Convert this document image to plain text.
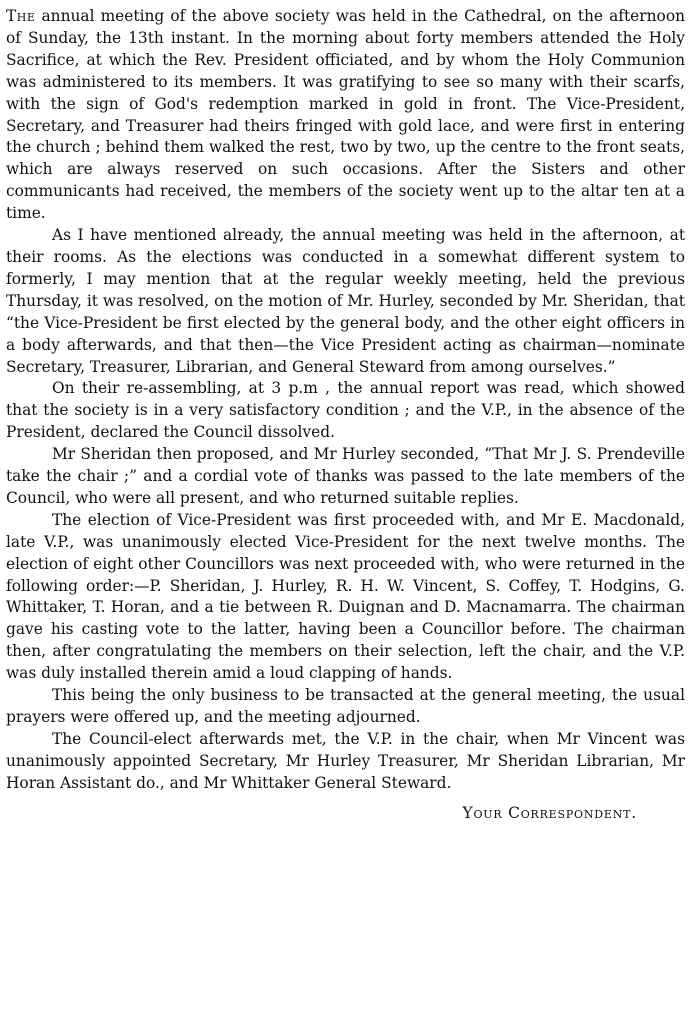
The annual meeting of the above society was held in the Cathedral, on the afternoon of Sunday, the 13th instant. In the morning about forty members attended the Holy Sacrifice, at which the Rev. President officiated, and by whom the Holy Communion was administered to its members. It was gratifying to see so many with their scarfs, with the sign of God's redemption marked in gold in front. The Vice-President, Secretary, and Treasurer had theirs fringed with gold lace, and were first in entering the church ; behind them walked the rest, two by two, up the centre to the front seats, which are always reserved on such occasions. After the Sisters and other communicants had received, the members of the society went up to the altar ten at a time.

As I have mentioned already, the annual meeting was held in the afternoon, at their rooms. As the elections was conducted in a somewhat different system to formerly, I may mention that at the regular weekly meeting, held the previous Thursday, it was resolved, on the motion of Mr. Hurley, seconded by Mr. Sheridan, that “the Vice-President be first elected by the general body, and the other eight officers in a body afterwards, and that then—the Vice President acting as chairman—nominate Secretary, Treasurer, Librarian, and General Steward from among ourselves.”

On their re-assembling, at 3 p.m , the annual report was read, which showed that the society is in a very satisfactory condition ; and the V.P., in the absence of the President, declared the Council dissolved.

Mr Sheridan then proposed, and Mr Hurley seconded, “That Mr J. S. Prendeville take the chair ;” and a cordial vote of thanks was passed to the late members of the Council, who were all present, and who returned suitable replies.

The election of Vice-President was first proceeded with, and Mr E. Macdonald, late V.P., was unanimously elected Vice-President for the next twelve months. The election of eight other Councillors was next proceeded with, who were returned in the following order:—P. Sheridan, J. Hurley, R. H. W. Vincent, S. Coffey, T. Hodgins, G. Whittaker, T. Horan, and a tie between R. Duignan and D. Macnamarra. The chairman gave his casting vote to the latter, having been a Councillor before. The chairman then, after congratulating the members on their selection, left the chair, and the V.P. was duly installed therein amid a loud clapping of hands.

This being the only business to be transacted at the general meeting, the usual prayers were offered up, and the meeting adjourned.

The Council-elect afterwards met, the V.P. in the chair, when Mr Vincent was unanimously appointed Secretary, Mr Hurley Treasurer, Mr Sheridan Librarian, Mr Horan Assistant do., and Mr Whittaker General Steward.

Your Correspondent.
